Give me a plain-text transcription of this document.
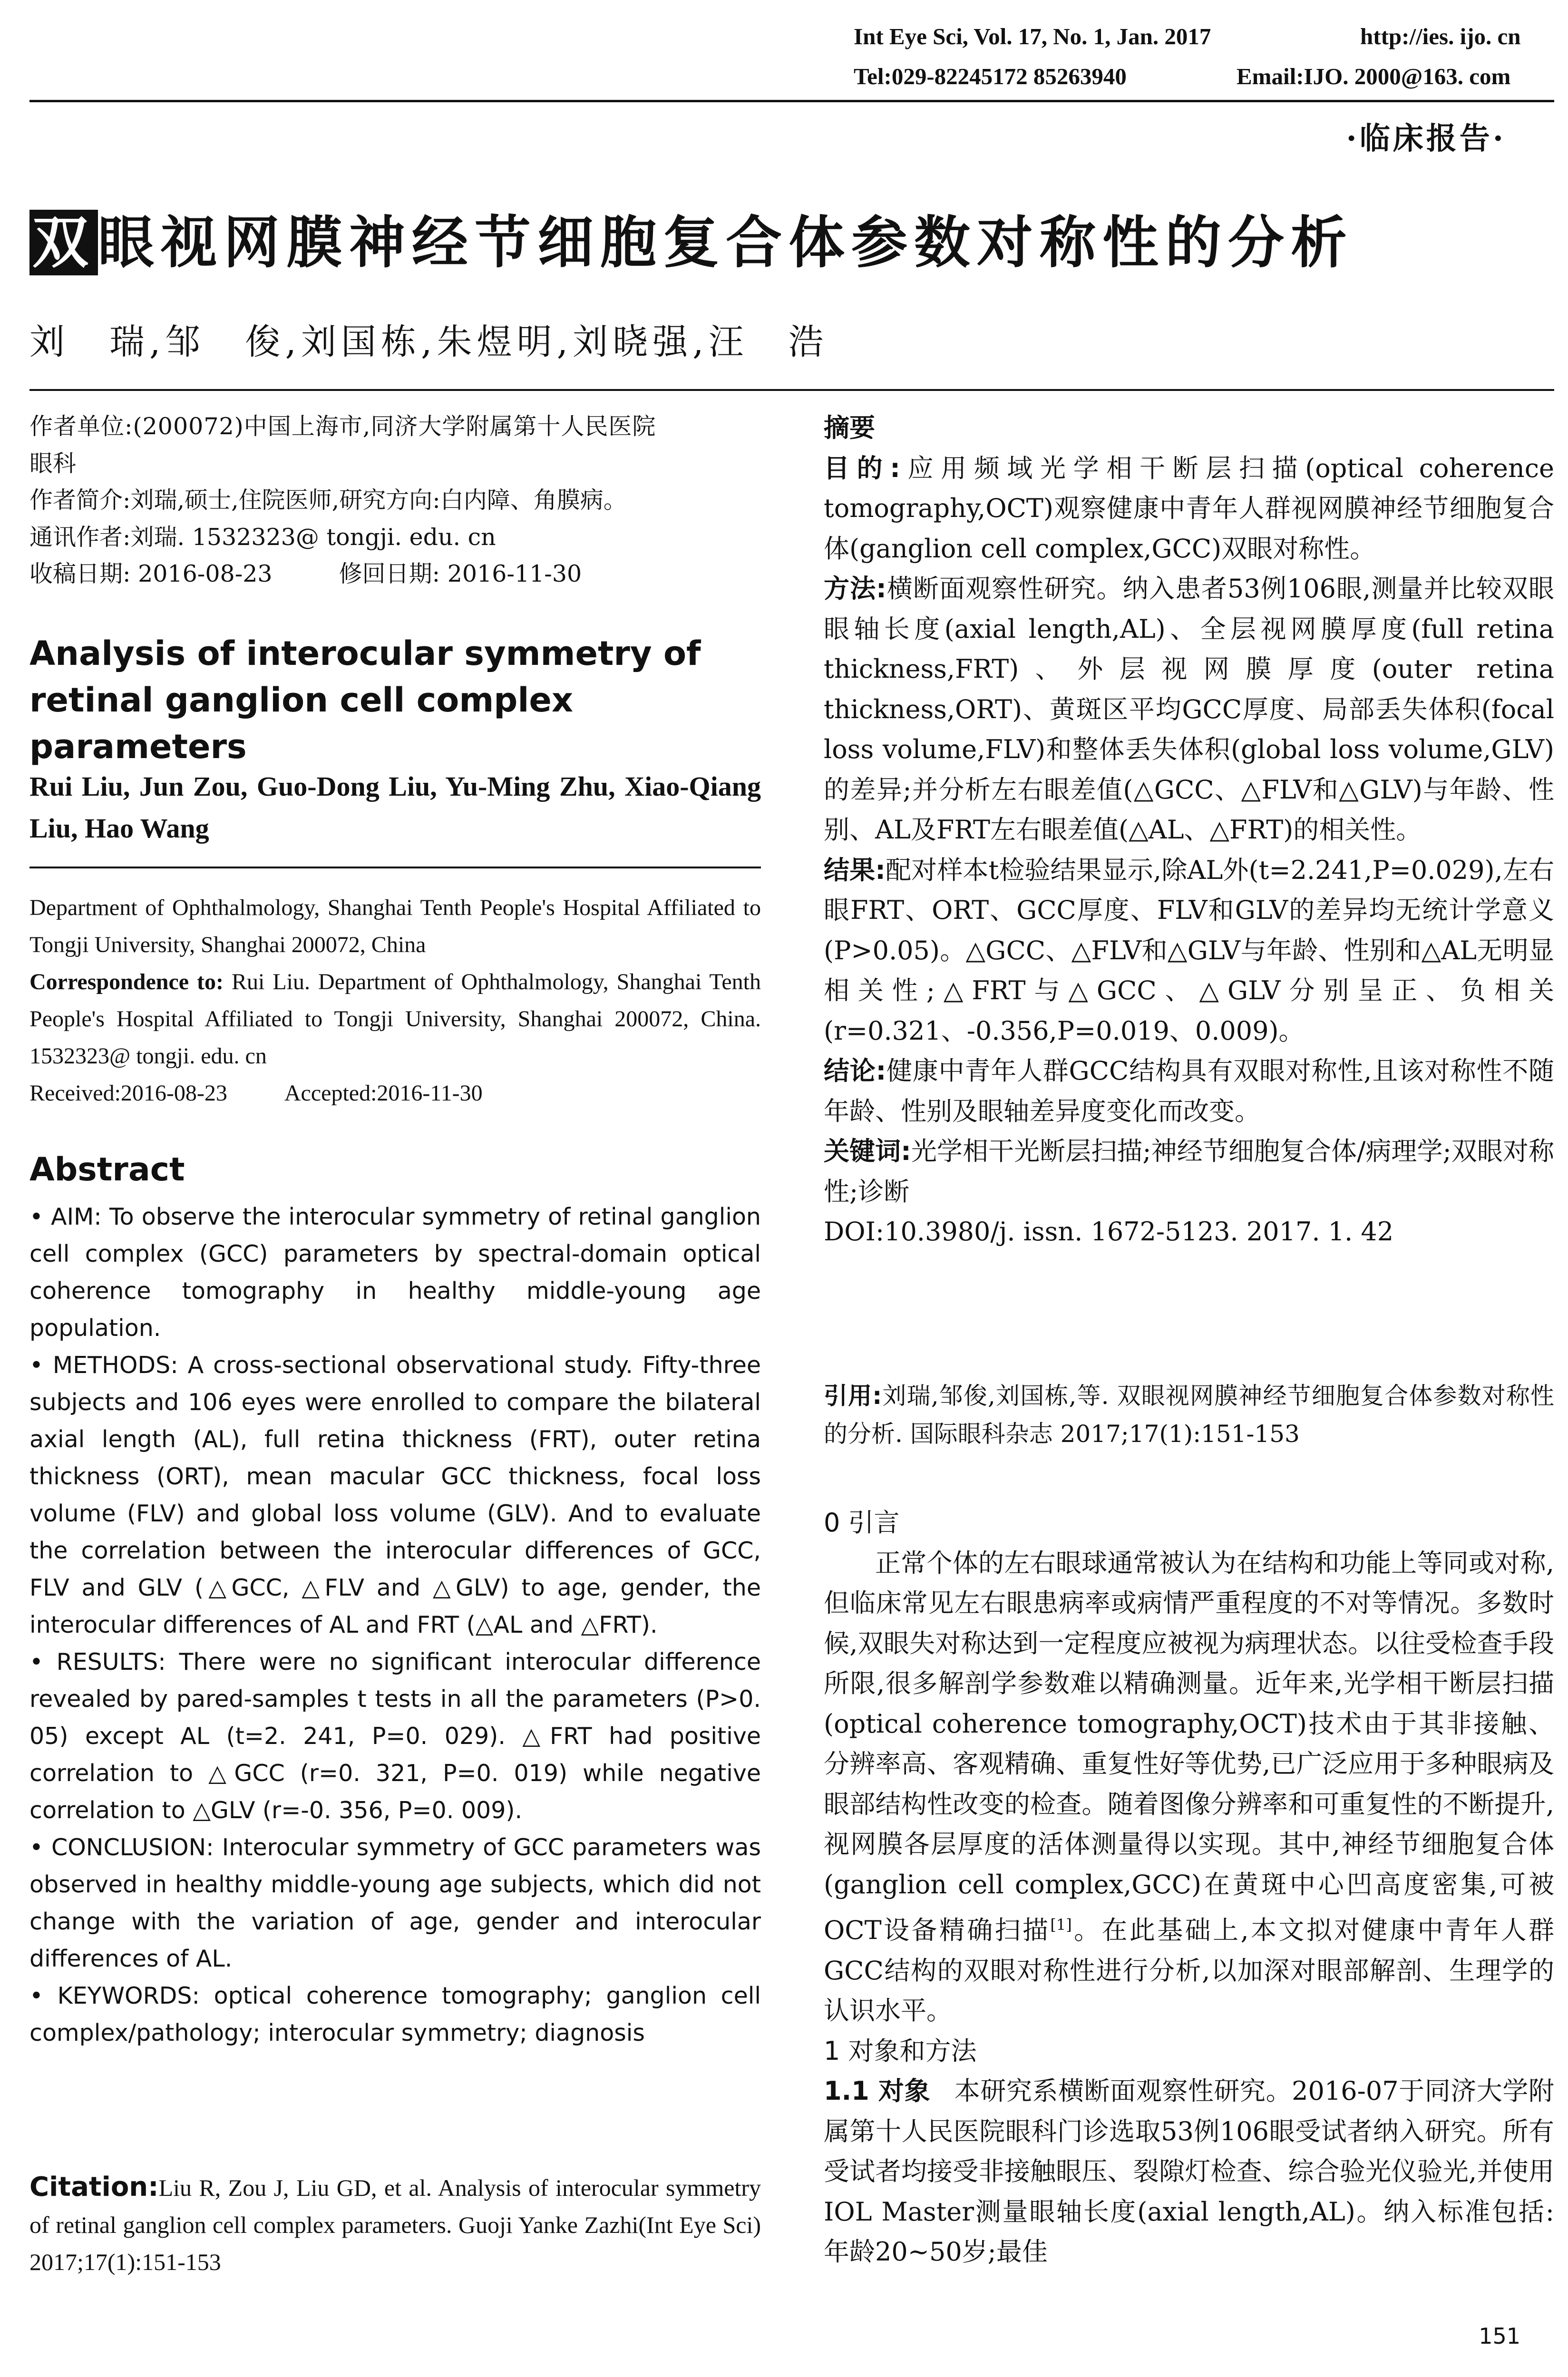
Int Eye Sci, Vol. 17, No. 1, Jan. 2017	http://ies. ijo. cn
Tel:029-82245172 85263940	Email:IJO. 2000@163. com
·临床报告·
双眼视网膜神经节细胞复合体参数对称性的分析
刘　瑞,邹　俊,刘国栋,朱煜明,刘晓强,汪　浩
作者单位:(200072)中国上海市,同济大学附属第十人民医院
眼科
作者简介:刘瑞,硕士,住院医师,研究方向:白内障、角膜病。
通讯作者:刘瑞. 1532323@ tongji. edu. cn
收稿日期: 2016-08-23	修回日期: 2016-11-30
Analysis of interocular symmetry of retinal ganglion cell complex parameters
Rui Liu, Jun Zou, Guo-Dong Liu, Yu-Ming Zhu, Xiao-Qiang Liu, Hao Wang
Department of Ophthalmology, Shanghai Tenth People's Hospital Affiliated to Tongji University, Shanghai 200072, China
Correspondence to: Rui Liu. Department of Ophthalmology, Shanghai Tenth People's Hospital Affiliated to Tongji University, Shanghai 200072, China. 1532323@ tongji. edu. cn
Received:2016-08-23	Accepted:2016-11-30
Abstract

• AIM: To observe the interocular symmetry of retinal ganglion cell complex (GCC) parameters by spectral-domain optical coherence tomography in healthy middle-young age population.

• METHODS: A cross-sectional observational study. Fifty-three subjects and 106 eyes were enrolled to compare the bilateral axial length (AL), full retina thickness (FRT), outer retina thickness (ORT), mean macular GCC thickness, focal loss volume (FLV) and global loss volume (GLV). And to evaluate the correlation between the interocular differences of GCC, FLV and GLV (△GCC, △FLV and △GLV) to age, gender, the interocular differences of AL and FRT (△AL and △FRT).

• RESULTS: There were no significant interocular difference revealed by pared-samples t tests in all the parameters (P>0. 05) except AL (t=2. 241, P=0. 029). △FRT had positive correlation to △GCC (r=0. 321, P=0. 019) while negative correlation to △GLV (r=-0. 356, P=0. 009).

• CONCLUSION: Interocular symmetry of GCC parameters was observed in healthy middle-young age subjects, which did not change with the variation of age, gender and interocular differences of AL.

• KEYWORDS: optical coherence tomography; ganglion cell complex/pathology; interocular symmetry; diagnosis

Citation:Liu R, Zou J, Liu GD, et al. Analysis of interocular symmetry of retinal ganglion cell complex parameters. Guoji Yanke Zazhi(Int Eye Sci) 2017;17(1):151-153
摘要

目的:应用频域光学相干断层扫描(optical coherence tomography,OCT)观察健康中青年人群视网膜神经节细胞复合体(ganglion cell complex,GCC)双眼对称性。

方法:横断面观察性研究。纳入患者53例106眼,测量并比较双眼眼轴长度(axial length,AL)、全层视网膜厚度(full retina thickness,FRT)、外层视网膜厚度(outer retina thickness,ORT)、黄斑区平均GCC厚度、局部丢失体积(focal loss volume,FLV)和整体丢失体积(global loss volume,GLV)的差异;并分析左右眼差值(△GCC、△FLV和△GLV)与年龄、性别、AL及FRT左右眼差值(△AL、△FRT)的相关性。

结果:配对样本t检验结果显示,除AL外(t=2.241,P=0.029),左右眼FRT、ORT、GCC厚度、FLV和GLV的差异均无统计学意义(P>0.05)。△GCC、△FLV和△GLV与年龄、性别和△AL无明显相关性;△FRT与△GCC、△GLV分别呈正、负相关(r=0.321、-0.356,P=0.019、0.009)。

结论:健康中青年人群GCC结构具有双眼对称性,且该对称性不随年龄、性别及眼轴差异度变化而改变。

关键词:光学相干光断层扫描;神经节细胞复合体/病理学;双眼对称性;诊断

DOI:10.3980/j. issn. 1672-5123. 2017. 1. 42

引用:刘瑞,邹俊,刘国栋,等. 双眼视网膜神经节细胞复合体参数对称性的分析. 国际眼科杂志 2017;17(1):151-153
0 引言

正常个体的左右眼球通常被认为在结构和功能上等同或对称,但临床常见左右眼患病率或病情严重程度的不对等情况。多数时候,双眼失对称达到一定程度应被视为病理状态。以往受检查手段所限,很多解剖学参数难以精确测量。近年来,光学相干断层扫描(optical coherence tomography,OCT)技术由于其非接触、分辨率高、客观精确、重复性好等优势,已广泛应用于多种眼病及眼部结构性改变的检查。随着图像分辨率和可重复性的不断提升,视网膜各层厚度的活体测量得以实现。其中,神经节细胞复合体(ganglion cell complex,GCC)在黄斑中心凹高度密集,可被OCT设备精确扫描[1]。在此基础上,本文拟对健康中青年人群GCC结构的双眼对称性进行分析,以加深对眼部解剖、生理学的认识水平。

1 对象和方法

1.1 对象 本研究系横断面观察性研究。2016-07于同济大学附属第十人民医院眼科门诊选取53例106眼受试者纳入研究。所有受试者均接受非接触眼压、裂隙灯检查、综合验光仪验光,并使用IOL Master测量眼轴长度(axial length,AL)。纳入标准包括:年龄20~50岁;最佳

151
